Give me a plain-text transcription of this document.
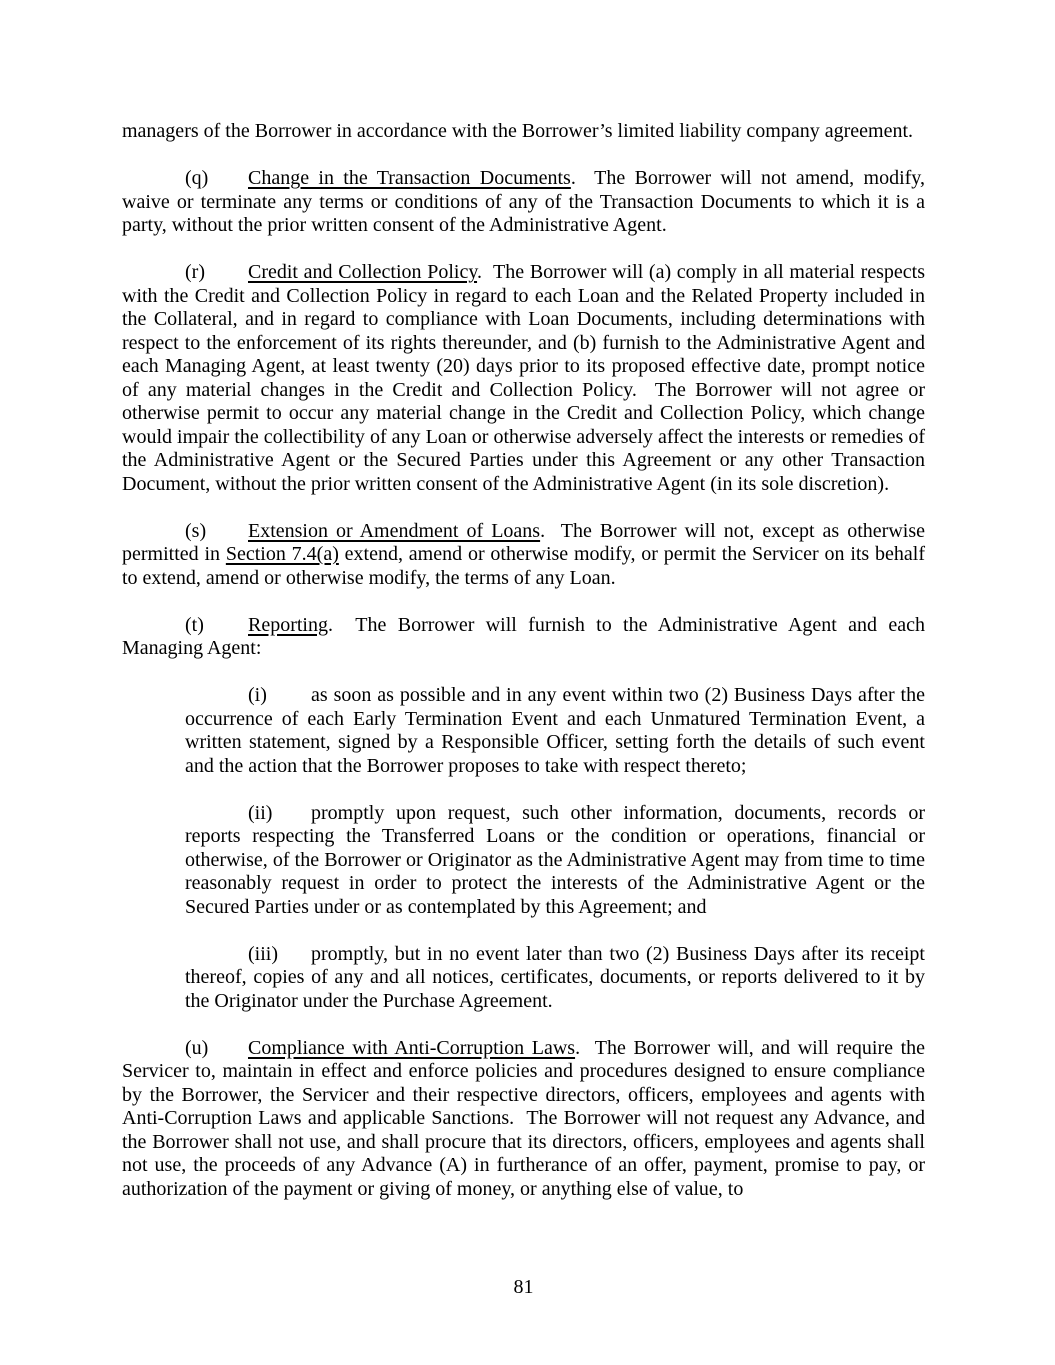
managers of the Borrower in accordance with the Borrower’s limited liability company agreement.

(q) Change in the Transaction Documents.  The Borrower will not amend, modify, waive or terminate any terms or conditions of any of the Transaction Documents to which it is a party, without the prior written consent of the Administrative Agent.

(r) Credit and Collection Policy.  The Borrower will (a) comply in all material respects with the Credit and Collection Policy in regard to each Loan and the Related Property included in the Collateral, and in regard to compliance with Loan Documents, including determinations with respect to the enforcement of its rights thereunder, and (b) furnish to the Administrative Agent and each Managing Agent, at least twenty (20) days prior to its proposed effective date, prompt notice of any material changes in the Credit and Collection Policy.  The Borrower will not agree or otherwise permit to occur any material change in the Credit and Collection Policy, which change would impair the collectibility of any Loan or otherwise adversely affect the interests or remedies of the Administrative Agent or the Secured Parties under this Agreement or any other Transaction Document, without the prior written consent of the Administrative Agent (in its sole discretion).

(s) Extension or Amendment of Loans.  The Borrower will not, except as otherwise permitted in Section 7.4(a) extend, amend or otherwise modify, or permit the Servicer on its behalf to extend, amend or otherwise modify, the terms of any Loan.

(t) Reporting.  The Borrower will furnish to the Administrative Agent and each Managing Agent:

(i) as soon as possible and in any event within two (2) Business Days after the occurrence of each Early Termination Event and each Unmatured Termination Event, a written statement, signed by a Responsible Officer, setting forth the details of such event and the action that the Borrower proposes to take with respect thereto;

(ii) promptly upon request, such other information, documents, records or reports respecting the Transferred Loans or the condition or operations, financial or otherwise, of the Borrower or Originator as the Administrative Agent may from time to time reasonably request in order to protect the interests of the Administrative Agent or the Secured Parties under or as contemplated by this Agreement; and

(iii) promptly, but in no event later than two (2) Business Days after its receipt thereof, copies of any and all notices, certificates, documents, or reports delivered to it by the Originator under the Purchase Agreement.

(u) Compliance with Anti-Corruption Laws.  The Borrower will, and will require the Servicer to, maintain in effect and enforce policies and procedures designed to ensure compliance by the Borrower, the Servicer and their respective directors, officers, employees and agents with Anti-Corruption Laws and applicable Sanctions.  The Borrower will not request any Advance, and the Borrower shall not use, and shall procure that its directors, officers, employees and agents shall not use, the proceeds of any Advance (A) in furtherance of an offer, payment, promise to pay, or authorization of the payment or giving of money, or anything else of value, to

81
